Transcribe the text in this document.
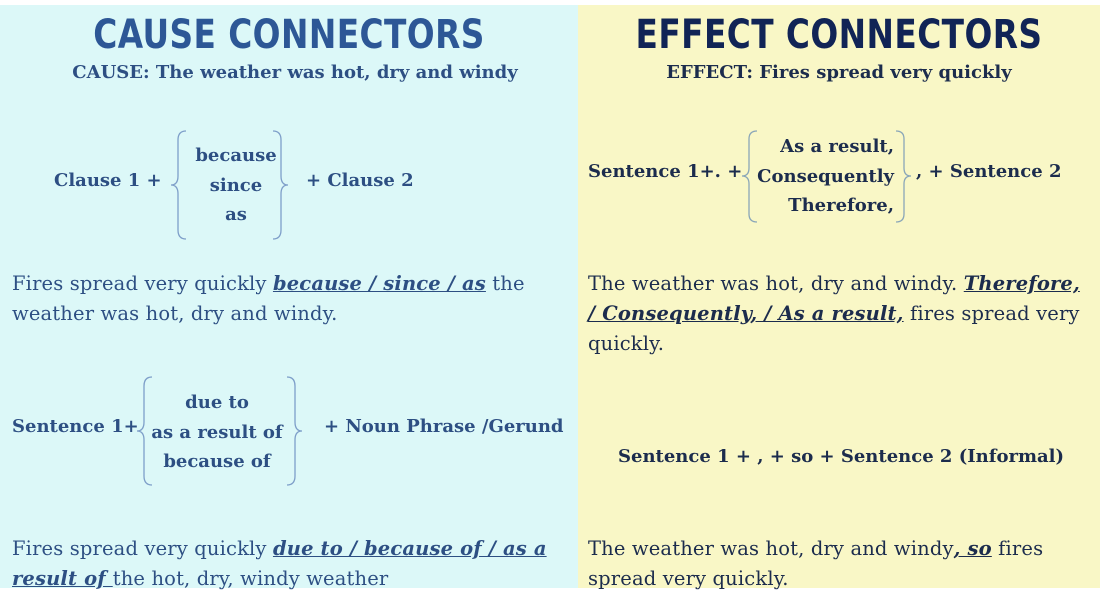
CAUSE CONNECTORS
CAUSE: The weather was hot, dry and windy
Clause 1 +
because
since
as
+ Clause 2
Fires spread very quickly because / since / as the weather was hot, dry and windy.
Sentence 1+
due to
as a result of
because of
+ Noun Phrase /Gerund
Fires spread very quickly due to / because of / as a result of the hot, dry, windy weather
EFFECT CONNECTORS
EFFECT: Fires spread very quickly
Sentence 1+. +
As a result,
Consequently
Therefore,
, + Sentence 2
The weather was hot, dry and windy. Therefore, / Consequently, / As a result, fires spread very quickly.
Sentence 1 + , + so + Sentence 2 (Informal)
The weather was hot, dry and windy, so fires spread very quickly.
